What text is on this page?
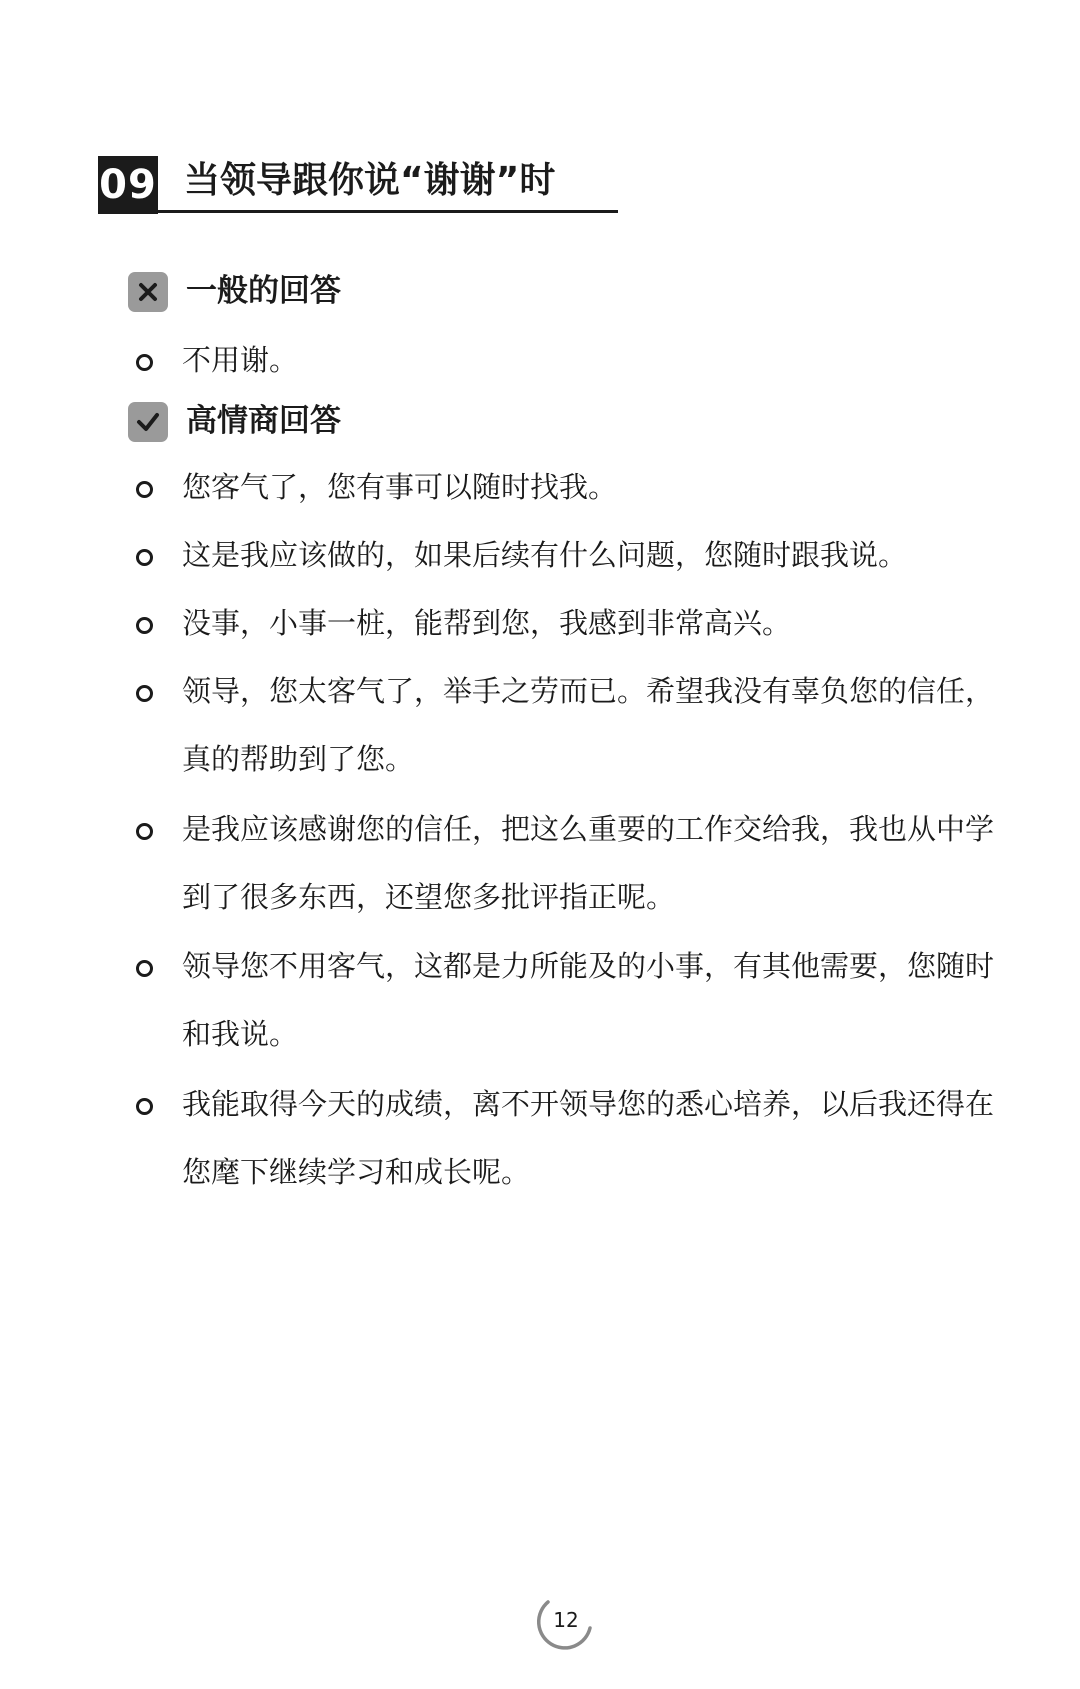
09 当领导跟你说“谢谢”时
一般的回答
不用谢。
高情商回答
您客气了，您有事可以随时找我。
这是我应该做的，如果后续有什么问题，您随时跟我说。
没事，小事一桩，能帮到您，我感到非常高兴。
领导，您太客气了，举手之劳而已。希望我没有辜负您的信任，真的帮助到了您。
是我应该感谢您的信任，把这么重要的工作交给我，我也从中学到了很多东西，还望您多批评指正呢。
领导您不用客气，这都是力所能及的小事，有其他需要，您随时和我说。
我能取得今天的成绩，离不开领导您的悉心培养，以后我还得在您麾下继续学习和成长呢。
12
